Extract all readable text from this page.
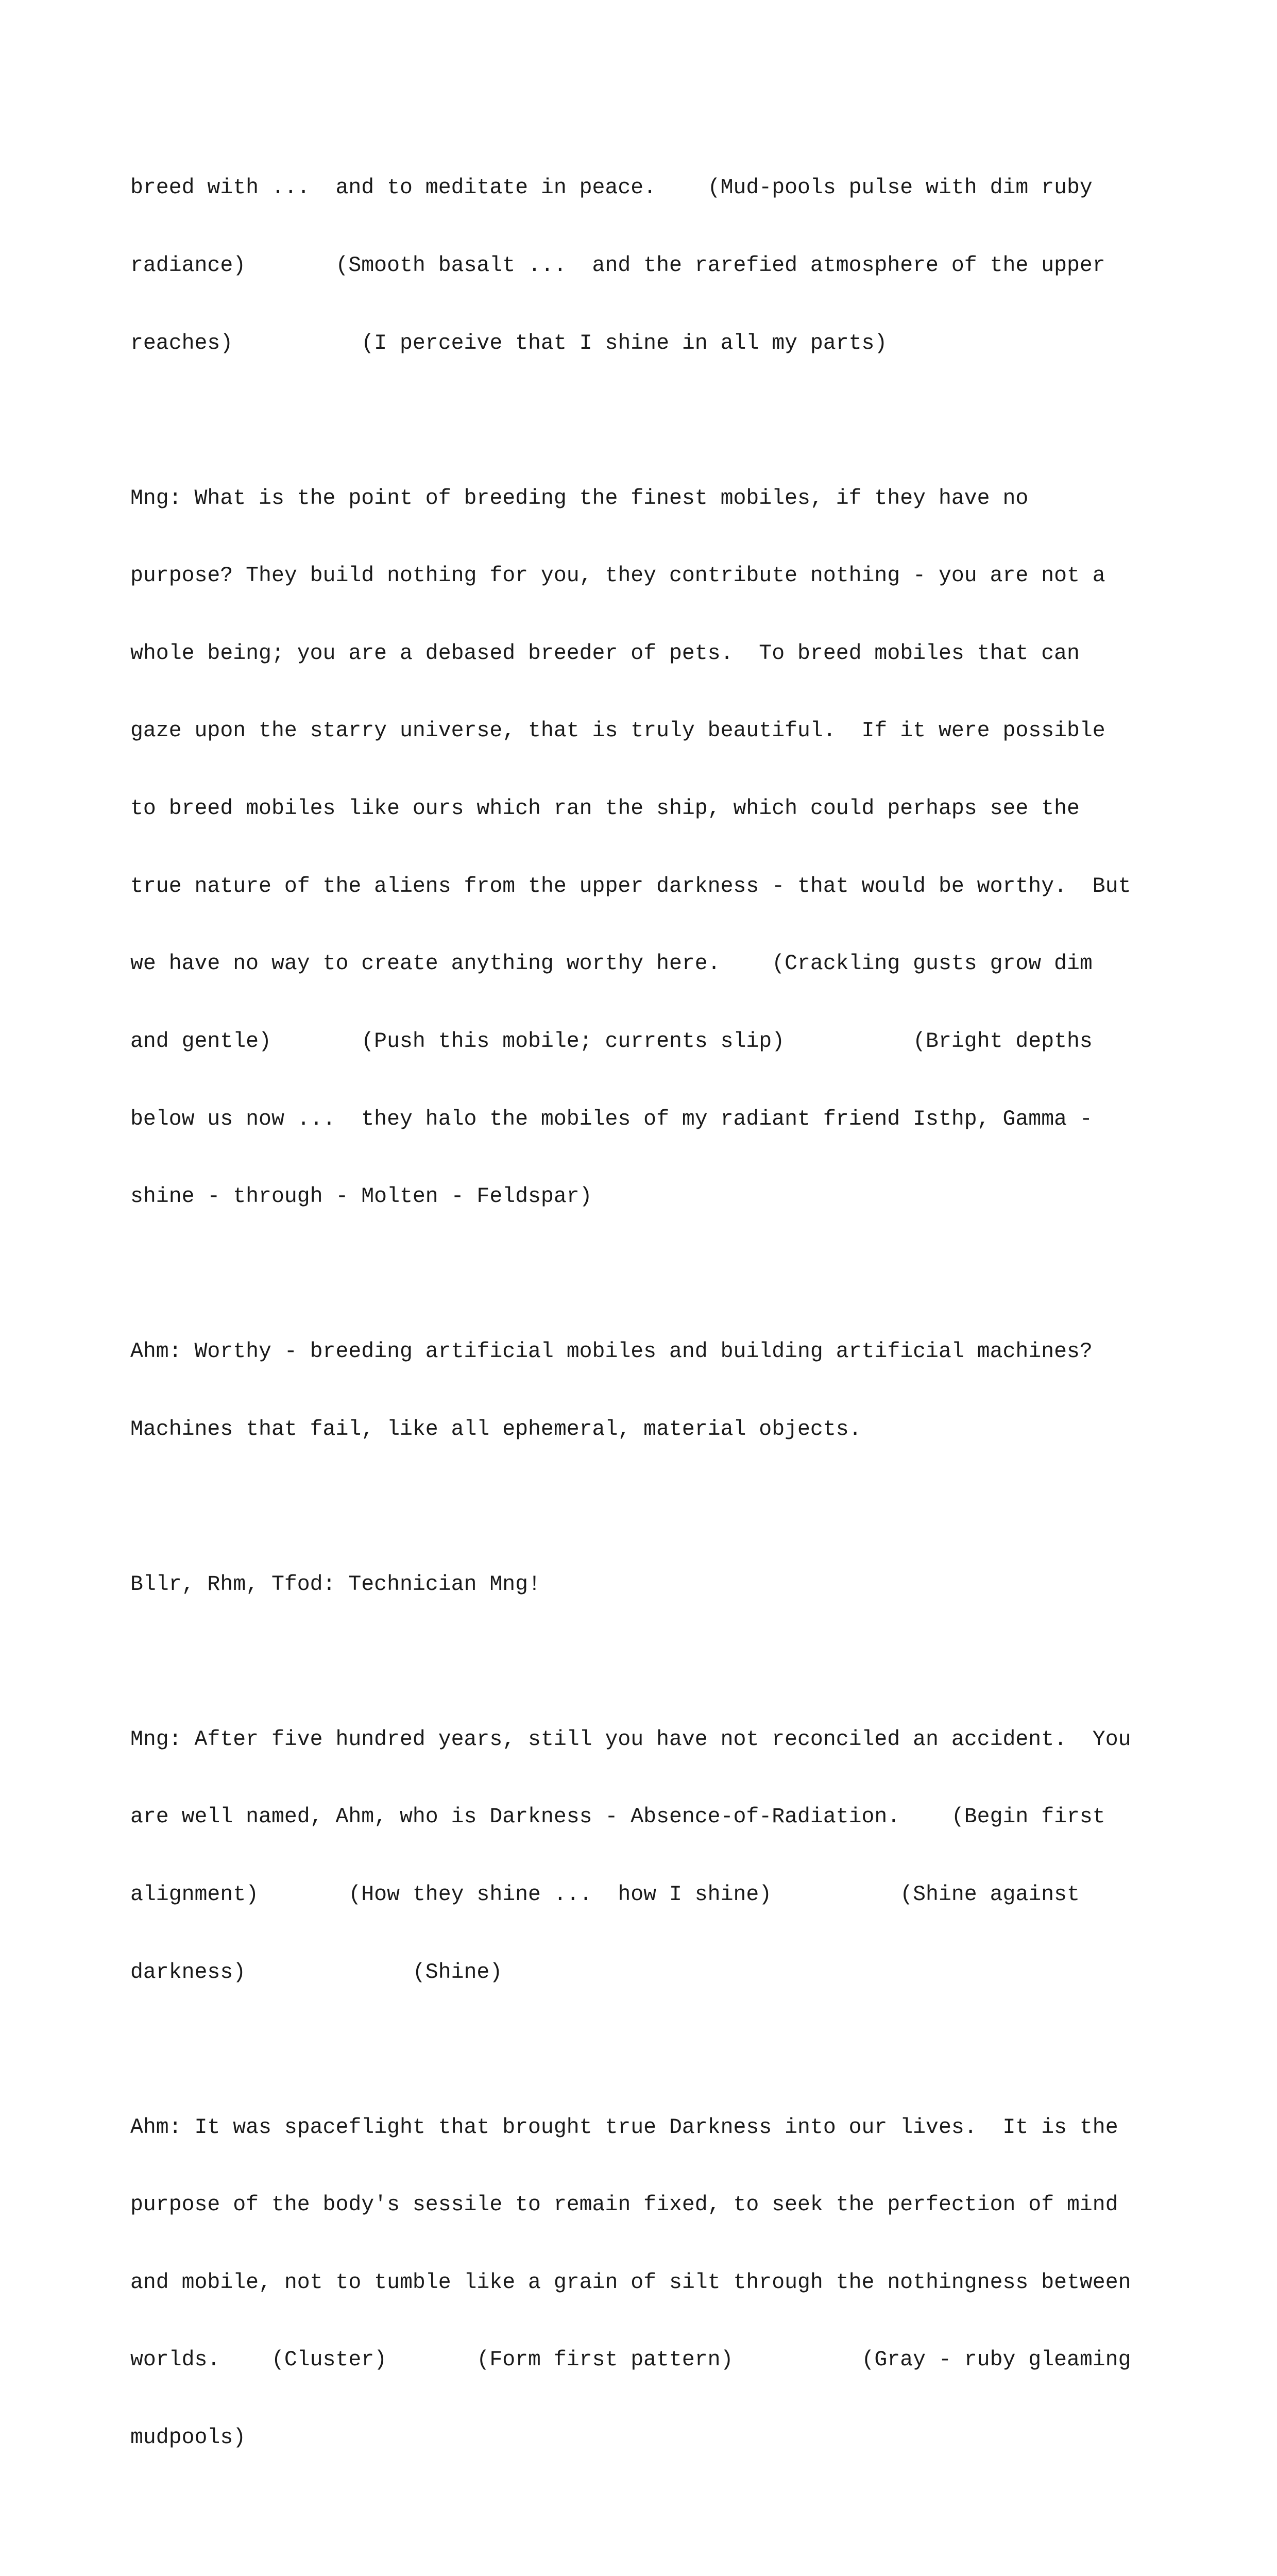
breed with ...  and to meditate in peace.    (Mud-pools pulse with dim ruby

radiance)       (Smooth basalt ...  and the rarefied atmosphere of the upper

reaches)          (I perceive that I shine in all my parts)

Mng: What is the point of breeding the finest mobiles, if they have no

purpose? They build nothing for you, they contribute nothing - you are not a

whole being; you are a debased breeder of pets.  To breed mobiles that can

gaze upon the starry universe, that is truly beautiful.  If it were possible

to breed mobiles like ours which ran the ship, which could perhaps see the

true nature of the aliens from the upper darkness - that would be worthy.  But

we have no way to create anything worthy here.    (Crackling gusts grow dim

and gentle)       (Push this mobile; currents slip)          (Bright depths

below us now ...  they halo the mobiles of my radiant friend Isthp, Gamma -

shine - through - Molten - Feldspar)

Ahm: Worthy - breeding artificial mobiles and building artificial machines?

Machines that fail, like all ephemeral, material objects.

Bllr, Rhm, Tfod: Technician Mng!

Mng: After five hundred years, still you have not reconciled an accident.  You

are well named, Ahm, who is Darkness - Absence-of-Radiation.    (Begin first

alignment)       (How they shine ...  how I shine)          (Shine against

darkness)             (Shine)

Ahm: It was spaceflight that brought true Darkness into our lives.  It is the

purpose of the body's sessile to remain fixed, to seek the perfection of mind

and mobile, not to tumble like a grain of silt through the nothingness between

worlds.    (Cluster)       (Form first pattern)          (Gray - ruby gleaming

mudpools)
